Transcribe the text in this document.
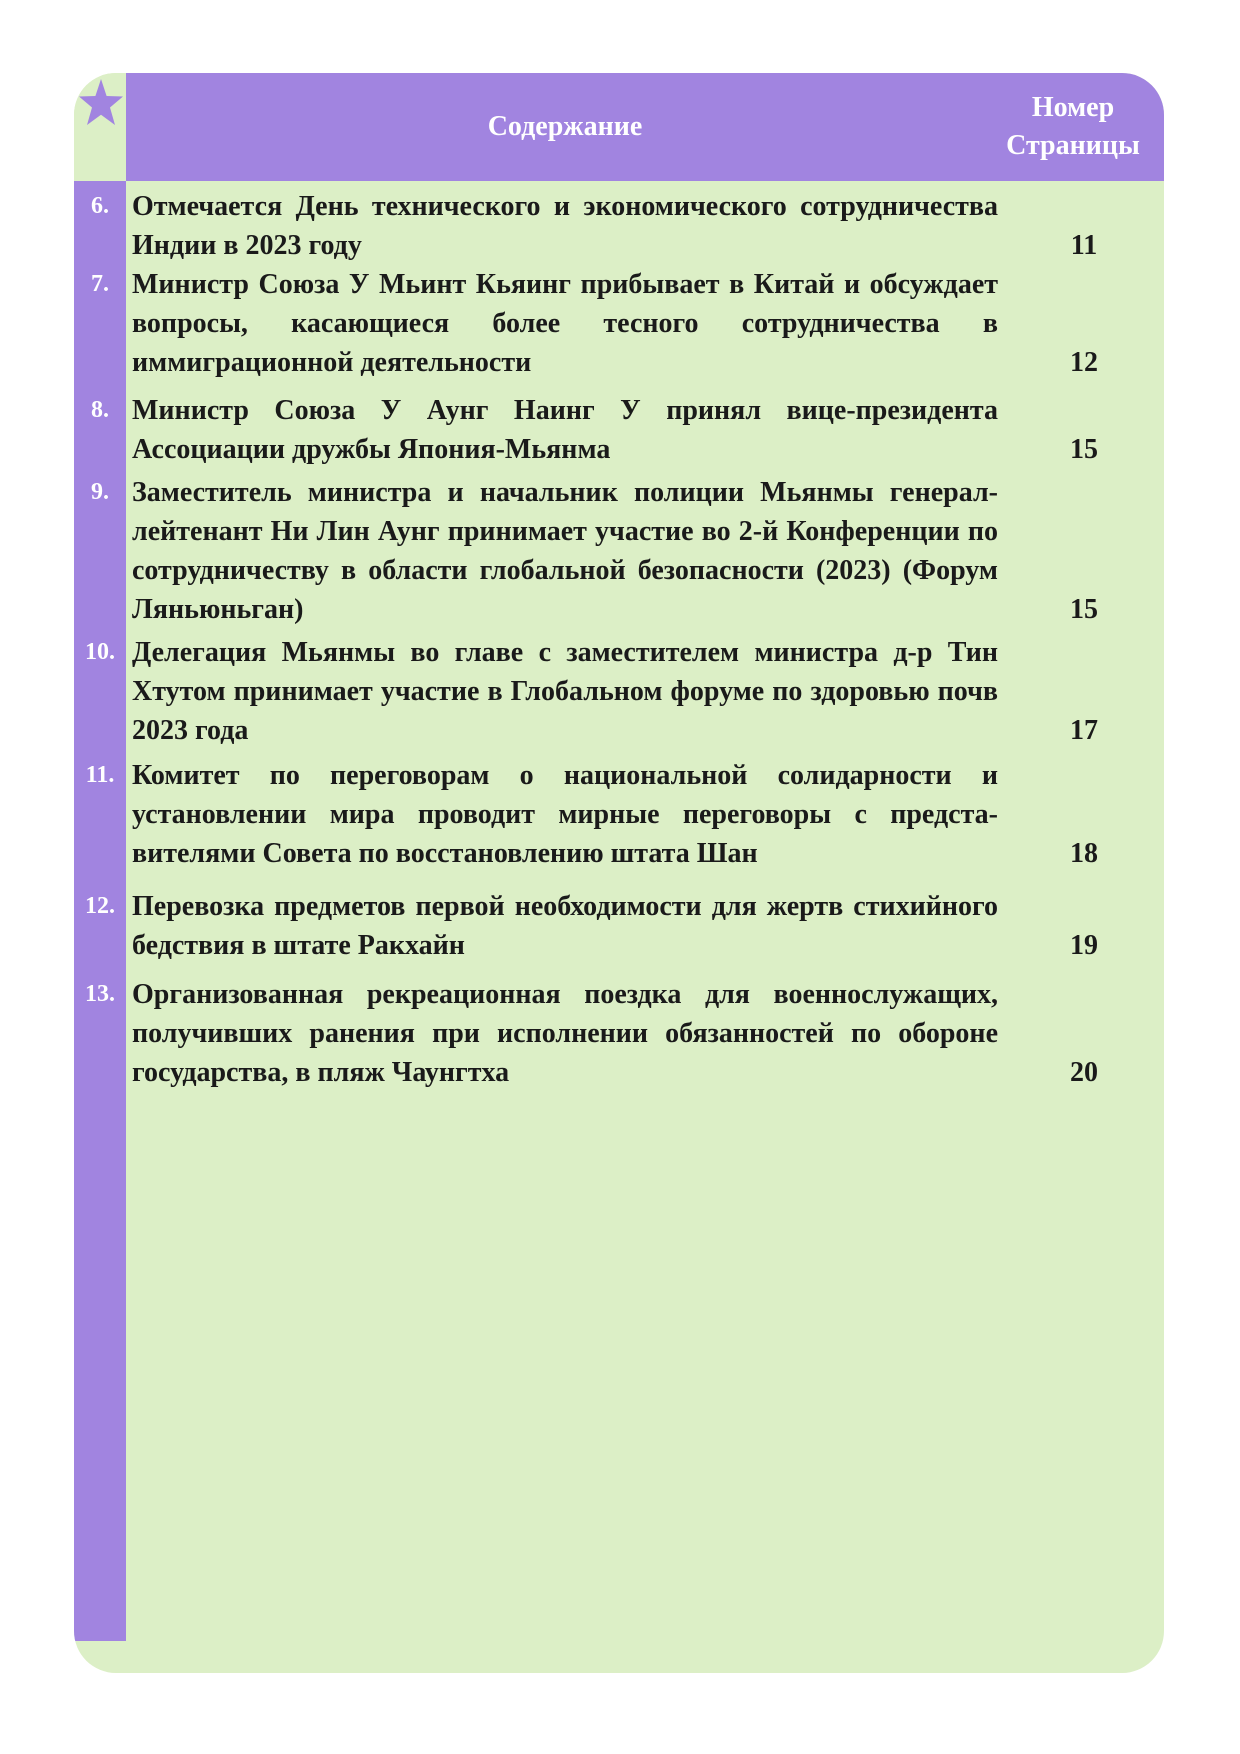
Содержание
Номер
Страницы
6. Отмечается День технического и экономического сотрудничества Индии в 2023 году	11
7. Министр Союза У Мьинт Кьяинг прибывает в Китай и обсуждает вопросы, касающиеся более тесного сотрудничества в иммиграционной деятельности	12
8. Министр Союза У Аунг Наинг У принял вице-президента Ассоциации дружбы Япония-Мьянма	15
9. Заместитель министра и начальник полиции Мьянмы генерал-лейтенант Ни Лин Аунг принимает участие во 2-й Конференции по сотрудничеству в области глобальной безопасности (2023) (Форум Ляньюньган)	15
10. Делегация Мьянмы во главе с заместителем министра д-р Тин Хтутом принимает участие в Глобальном форуме по здоровью почв 2023 года	17
11. Комитет по переговорам о национальной солидарности и установлении мира проводит мирные переговоры с представителями Совета по восстановлению штата Шан	18
12. Перевозка предметов первой необходимости для жертв стихийного бедствия в штате Ракхайн	19
13. Организованная рекреационная поездка для военнослужащих, получивших ранения при исполнении обязанностей по обороне государства, в пляж Чаунгтха	20
